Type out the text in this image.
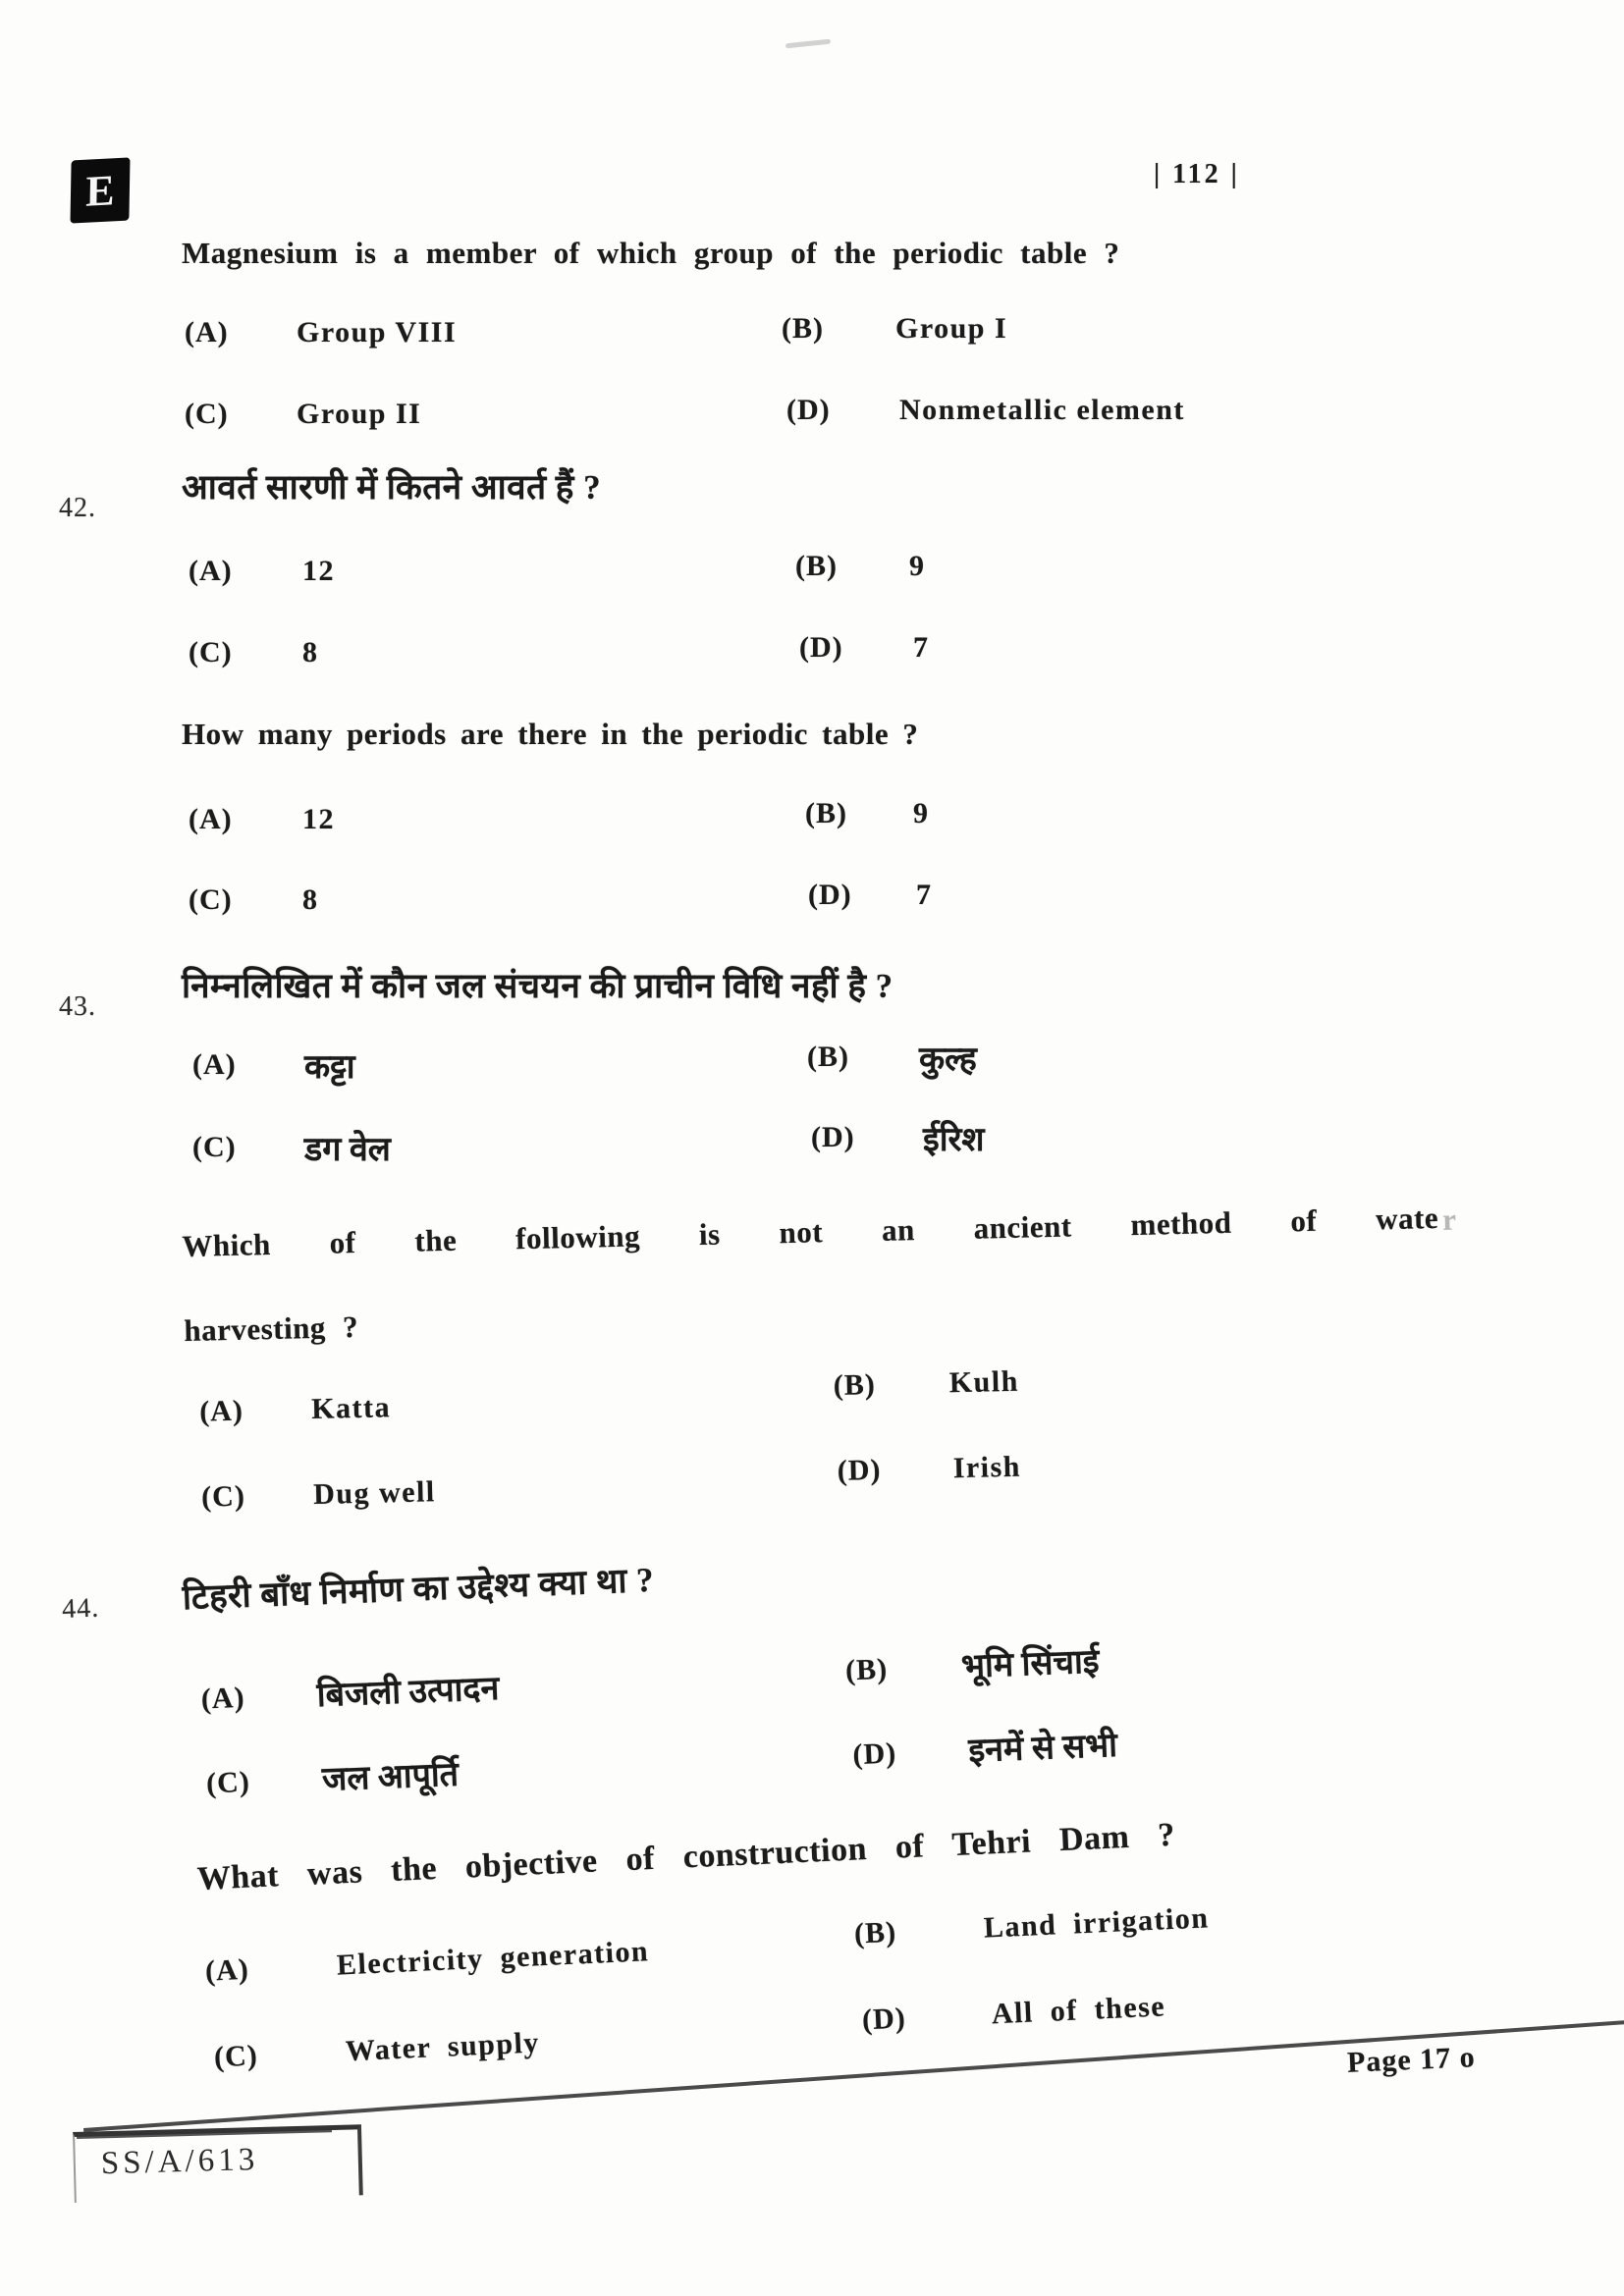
E	| 112 |
Magnesium is a member of which group of the periodic table ?
(A) Group VIII	(B) Group I
(C) Group II	(D) Nonmetallic element
42.
आवर्त सारणी में कितने आवर्त हैं ?
(A) 12	(B) 9
(C) 8	(D) 7
How many periods are there in the periodic table ?
(A) 12	(B) 9
(C) 8	(D) 7
43.
निम्नलिखित में कौन जल संचयन की प्राचीन विधि नहीं है ?
(A) कट्टा	(B) कुल्ह
(C) डग वेल	(D) ईरिश
Which of the following is not an ancient method of wate r
harvesting ?
(A) Katta
(B) Kulh
(C) Dug well
(D) Irish
44. टिहरी बाँध निर्माण का उद्देश्य क्या था ?
(A) बिजली उत्पादन
(B) भूमि सिंचाई
(C) जल आपूर्ति
(D) इनमें से सभी
What was the objective of construction of Tehri Dam ?
(A)	Electricity generation
(B)	Land irrigation
(C)	Water supply
(D)	All of these
Page 17 o
SS/A/613
